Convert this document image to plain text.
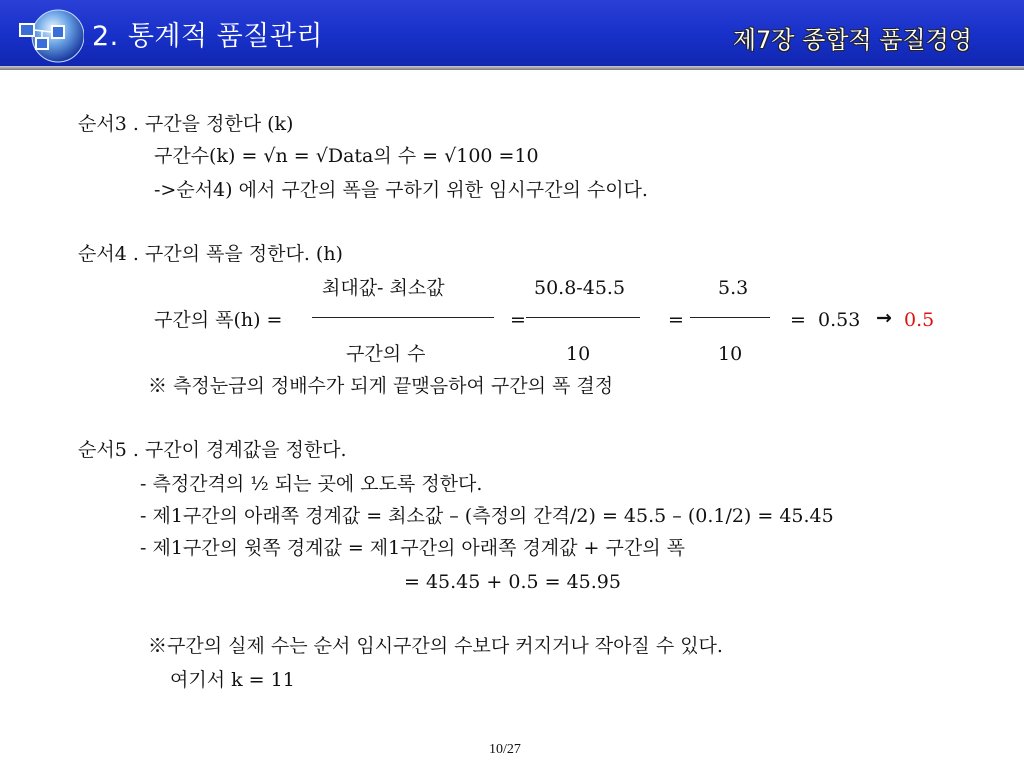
2. 통계적 품질관리	제7장 종합적 품질경영
순서3 . 구간을 정한다 (k)
구간수(k) = √n = √Data의 수 = √100 =10
->순서4) 에서 구간의 폭을 구하기 위한 임시구간의 수이다.
순서4 . 구간의 폭을 정한다. (h)
최대값- 최소값	50.8-45.5	5.3
구간의 폭(h) =	=	=	= 0.53 → 0.5
구간의 수	10	10
※ 측정눈금의 정배수가 되게 끝맺음하여 구간의 폭 결정
순서5 . 구간이 경계값을 정한다.
- 측정간격의 ½ 되는 곳에 오도록 정한다.
- 제1구간의 아래쪽 경계값 = 최소값 – (측정의 간격/2) = 45.5 – (0.1/2) = 45.45
- 제1구간의 윗쪽 경계값 = 제1구간의 아래쪽 경계값 + 구간의 폭
= 45.45 + 0.5 = 45.95
※구간의 실제 수는 순서 임시구간의 수보다 커지거나 작아질 수 있다.
여기서 k = 11
10/27
